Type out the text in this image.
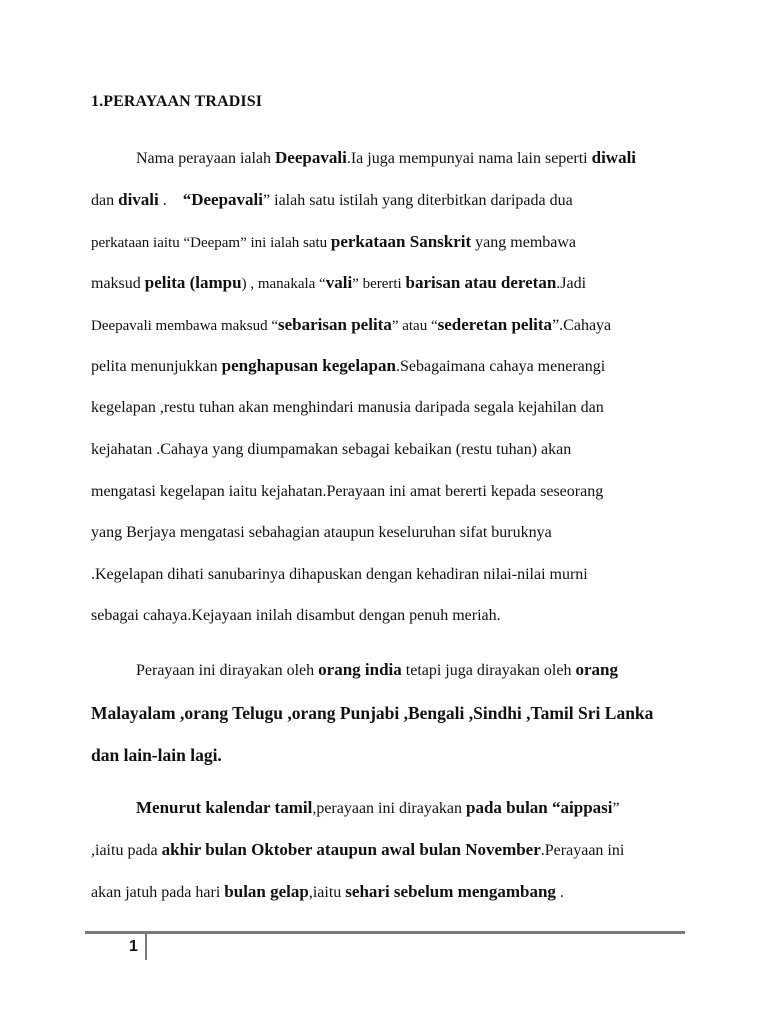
1.PERAYAAN TRADISI
Nama perayaan ialah Deepavali.Ia juga mempunyai nama lain seperti diwali
dan divali .    “Deepavali” ialah satu istilah yang diterbitkan daripada dua
perkataan iaitu “Deepam” ini ialah satu perkataan Sanskrit yang membawa
maksud pelita (lampu) , manakala “vali” bererti barisan atau deretan.Jadi
Deepavali membawa maksud “sebarisan pelita” atau “sederetan pelita”.Cahaya
pelita menunjukkan penghapusan kegelapan.Sebagaimana cahaya menerangi
kegelapan ,restu tuhan akan menghindari manusia daripada segala kejahilan dan
kejahatan .Cahaya yang diumpamakan sebagai kebaikan (restu tuhan) akan
mengatasi kegelapan iaitu kejahatan.Perayaan ini amat bererti kepada seseorang
yang Berjaya mengatasi sebahagian ataupun keseluruhan sifat buruknya
.Kegelapan dihati sanubarinya dihapuskan dengan kehadiran nilai-nilai murni
sebagai cahaya.Kejayaan inilah disambut dengan penuh meriah.
Perayaan ini dirayakan oleh orang india tetapi juga dirayakan oleh orang
Malayalam ,orang Telugu ,orang Punjabi ,Bengali ,Sindhi ,Tamil Sri Lanka
dan lain-lain lagi.
Menurut kalendar tamil,perayaan ini dirayakan pada bulan “aippasi”
,iaitu pada akhir bulan Oktober ataupun awal bulan November.Perayaan ini
akan jatuh pada hari bulan gelap,iaitu sehari sebelum mengambang .
1
